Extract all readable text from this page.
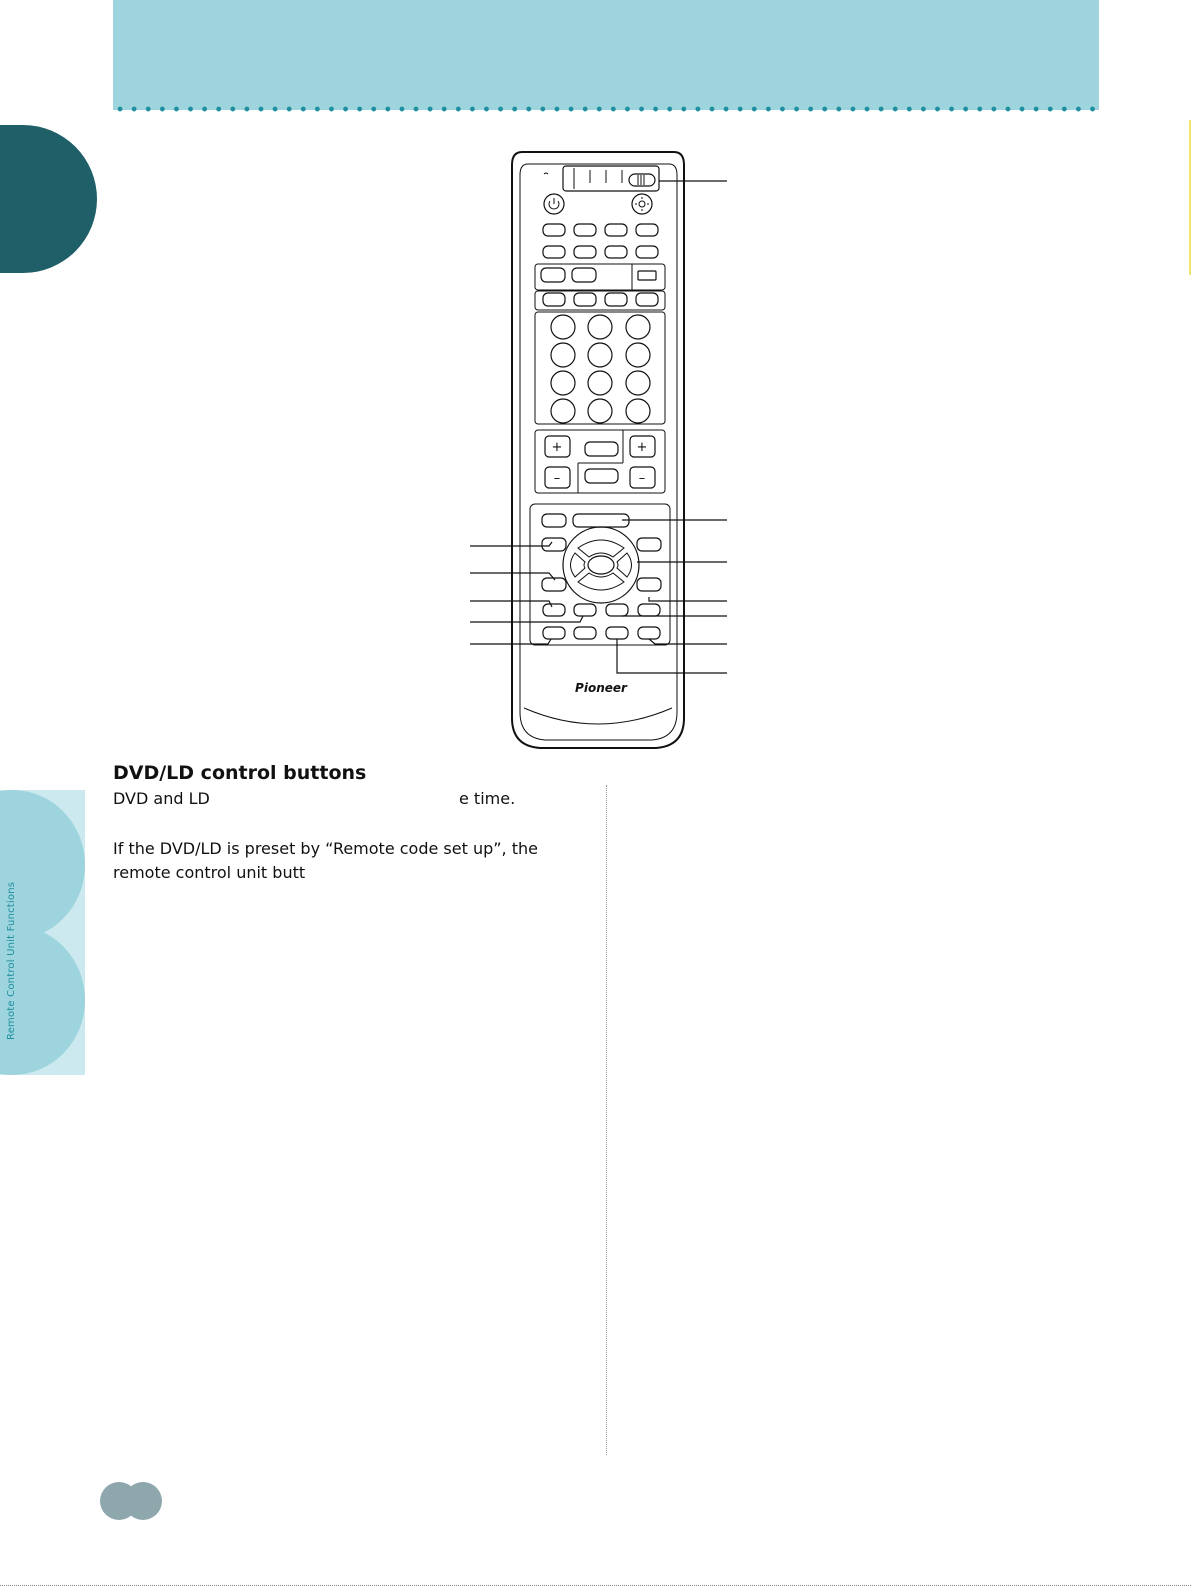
Remote Control Unit Functions
+
–
+
–
Pioneer
DVD/LD control buttons
DVD and LD	e time.
If the DVD/LD is preset by “Remote code set up”, the remote control unit butt
